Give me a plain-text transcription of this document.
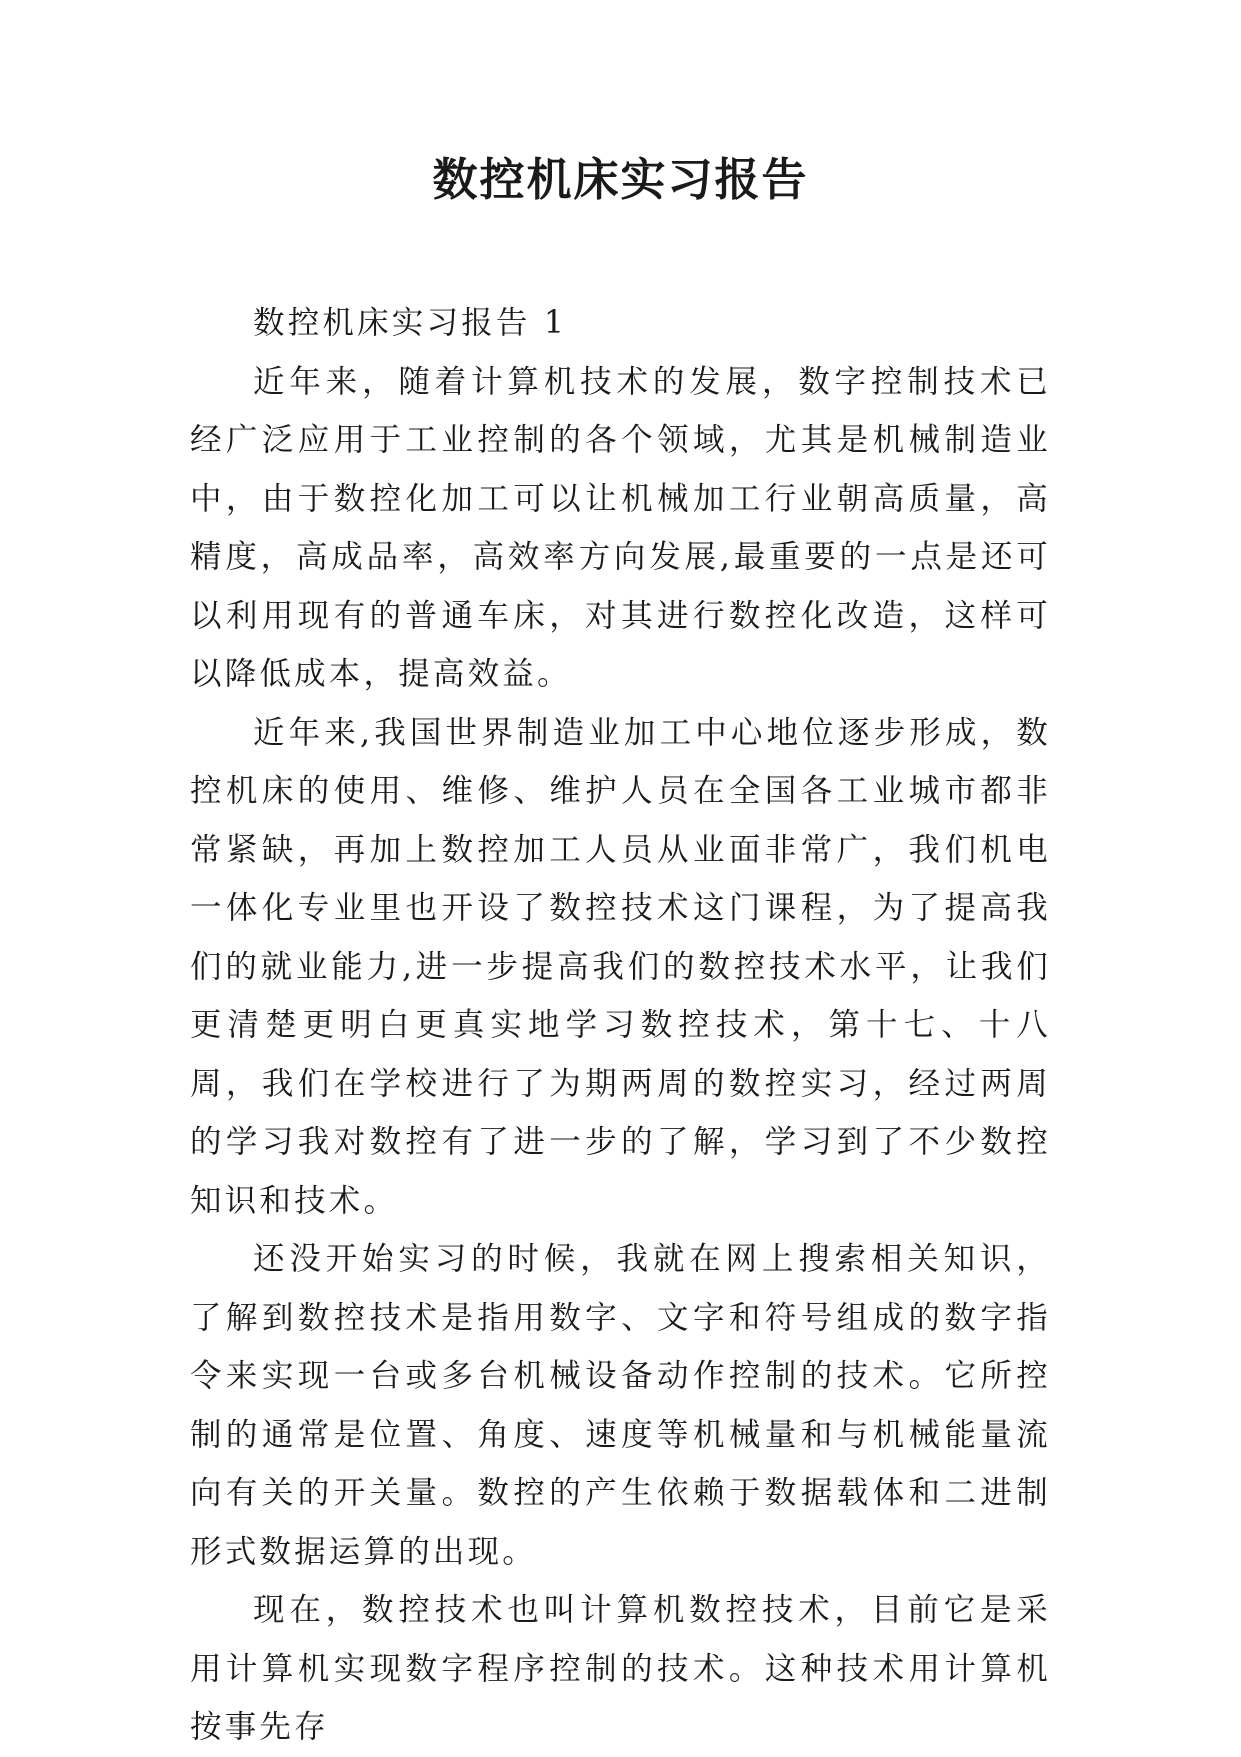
数控机床实习报告

数控机床实习报告 1

近年来，随着计算机技术的发展，数字控制技术已经广泛应用于工业控制的各个领域，尤其是机械制造业中，由于数控化加工可以让机械加工行业朝高质量，高精度，高成品率，高效率方向发展,最重要的一点是还可以利用现有的普通车床，对其进行数控化改造，这样可以降低成本，提高效益。

近年来,我国世界制造业加工中心地位逐步形成，数控机床的使用、维修、维护人员在全国各工业城市都非常紧缺，再加上数控加工人员从业面非常广，我们机电一体化专业里也开设了数控技术这门课程，为了提高我们的就业能力,进一步提高我们的数控技术水平，让我们更清楚更明白更真实地学习数控技术，第十七、十八周，我们在学校进行了为期两周的数控实习，经过两周的学习我对数控有了进一步的了解，学习到了不少数控知识和技术。

还没开始实习的时候，我就在网上搜索相关知识，了解到数控技术是指用数字、文字和符号组成的数字指令来实现一台或多台机械设备动作控制的技术。它所控制的通常是位置、角度、速度等机械量和与机械能量流向有关的开关量。数控的产生依赖于数据载体和二进制形式数据运算的出现。

现在，数控技术也叫计算机数控技术，目前它是采用计算机实现数字程序控制的技术。这种技术用计算机按事先存
